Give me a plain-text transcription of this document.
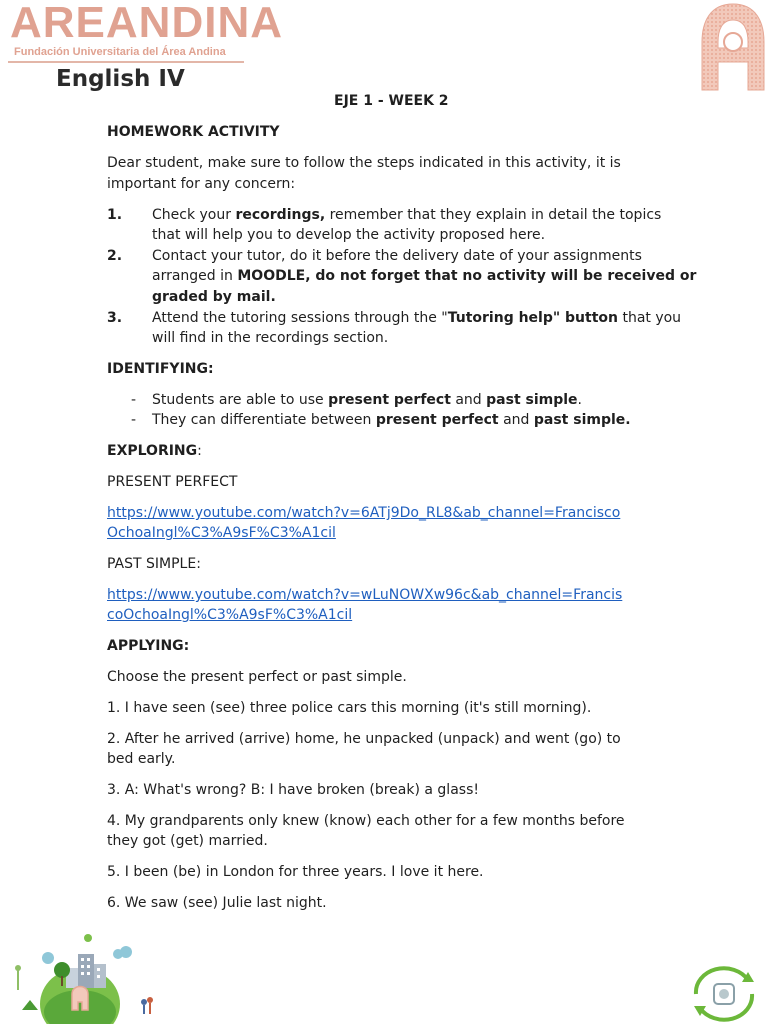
AREANDINA
Fundación Universitaria del Área Andina
English IV
EJE 1 - WEEK 2
HOMEWORK ACTIVITY
Dear student, make sure to follow the steps indicated in this activity, it is
important for any concern:
1. Check your recordings, remember that they explain in detail the topics
that will help you to develop the activity proposed here.
2. Contact your tutor, do it before the delivery date of your assignments
arranged in MOODLE, do not forget that no activity will be received or
graded by mail.
3. Attend the tutoring sessions through the "Tutoring help" button that you
will find in the recordings section.
IDENTIFYING:
- Students are able to use present perfect and past simple.
- They can differentiate between present perfect and past simple.
EXPLORING:
PRESENT PERFECT
https://www.youtube.com/watch?v=6ATj9Do_RL8&ab_channel=Francisco
OchoaIngl%C3%A9sF%C3%A1cil
PAST SIMPLE:
https://www.youtube.com/watch?v=wLuNOWXw96c&ab_channel=Francis
coOchoaIngl%C3%A9sF%C3%A1cil
APPLYING:
Choose the present perfect or past simple.
1. I have seen (see) three police cars this morning (it's still morning).
2. After he arrived (arrive) home, he unpacked (unpack) and went (go) to
bed early.
3. A: What's wrong? B: I have broken (break) a glass!
4. My grandparents only knew (know) each other for a few months before
they got (get) married.
5. I been (be) in London for three years. I love it here.
6. We saw (see) Julie last night.
